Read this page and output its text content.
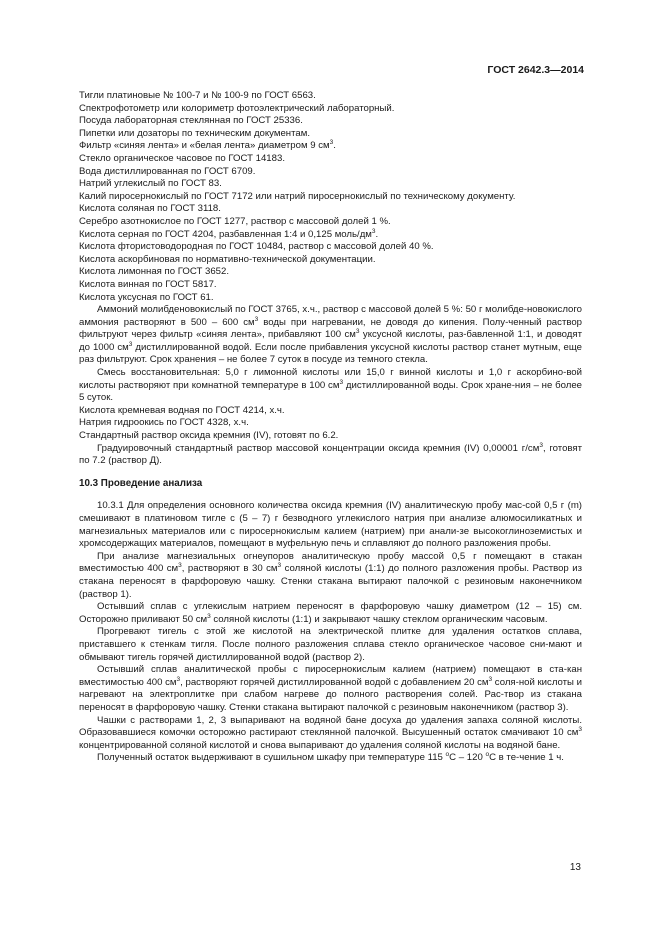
ГОСТ 2642.3—2014

Тигли платиновые № 100-7 и № 100-9 по ГОСТ 6563.

Спектрофотометр или колориметр фотоэлектрический лабораторный.

Посуда лабораторная стеклянная по ГОСТ 25336.

Пипетки или дозаторы по техническим документам.

Фильтр «синяя лента» и «белая лента» диаметром 9 $см^3$.

Стекло органическое часовое по ГОСТ 14183.

Вода дистиллированная по ГОСТ 6709.

Натрий углекислый по ГОСТ 83.

Калий пиросернокислый по ГОСТ 7172 или натрий пиросернокислый по техническому документу.

Кислота соляная по ГОСТ 3118.

Серебро азотнокислое по ГОСТ 1277, раствор с массовой долей 1 %.

Кислота серная по ГОСТ 4204, разбавленная 1:4 и 0,125 моль/$дм^3$.

Кислота фтористоводородная по ГОСТ 10484, раствор с массовой долей 40 %.

Кислота аскорбиновая по нормативно-технической документации.

Кислота лимонная по ГОСТ 3652.

Кислота винная по ГОСТ 5817.

Кислота уксусная по ГОСТ 61.

Аммоний молибденовокислый по ГОСТ 3765, х.ч., раствор с массовой долей 5 %: 50 г молибде-новокислого аммония растворяют в 500 – 600 $см^3$ воды при нагревании, не доводя до кипения. Полу-ченный раствор фильтруют через фильтр «синяя лента», прибавляют 100 $см^3$ уксусной кислоты, раз-бавленной 1:1, и доводят до 1000 $см^3$ дистиллированной водой. Если после прибавления уксусной кислоты раствор станет мутным, еще раз фильтруют. Срок хранения – не более 7 суток в посуде из темного стекла.

Смесь восстановительная: 5,0 г лимонной кислоты или 15,0 г винной кислоты и 1,0 г аскорбино-вой кислоты растворяют при комнатной температуре в 100 $см^3$ дистиллированной воды. Срок хране-ния – не более 5 суток.

Кислота кремневая водная по ГОСТ 4214, х.ч.

Натрия гидроокись по ГОСТ 4328, х.ч.

Стандартный раствор оксида кремния (IV), готовят по 6.2.

Градуировочный стандартный раствор массовой концентрации оксида кремния (IV) 0,00001 $г/см^3$, готовят по 7.2 (раствор Д).

10.3 Проведение анализа

10.3.1 Для определения основного количества оксида кремния (IV) аналитическую пробу мас-сой 0,5 г (m) смешивают в платиновом тигле с (5 – 7) г безводного углекислого натрия при анализе алюмосиликатных и магнезиальных материалов или с пиросернокислым калием (натрием) при анали-зе высокоглиноземистых и хромсодержащих материалов, помещают в муфельную печь и сплавляют до полного разложения пробы.

При анализе магнезиальных огнеупоров аналитическую пробу массой 0,5 г помещают в стакан вместимостью 400 $см^3$, растворяют в 30 $см^3$ соляной кислоты (1:1) до полного разложения пробы. Раствор из стакана переносят в фарфоровую чашку. Стенки стакана вытирают палочкой с резиновым наконечником (раствор 1).

Остывший сплав с углекислым натрием переносят в фарфоровую чашку диаметром (12 – 15) см. Осторожно приливают 50 $см^3$ соляной кислоты (1:1) и закрывают чашку стеклом органическим часовым.

Прогревают тигель с этой же кислотой на электрической плитке для удаления остатков сплава, приставшего к стенкам тигля. После полного разложения сплава стекло органическое часовое сни-мают и обмывают тигель горячей дистиллированной водой (раствор 2).

Остывший сплав аналитической пробы с пиросернокислым калием (натрием) помещают в ста-кан вместимостью 400 $см^3$, растворяют горячей дистиллированной водой с добавлением 20 $см^3$ соля-ной кислоты и нагревают на электроплитке при слабом нагреве до полного растворения солей. Рас-твор из стакана переносят в фарфоровую чашку. Стенки стакана вытирают палочкой с резиновым наконечником (раствор 3).

Чашки с растворами 1, 2, 3 выпаривают на водяной бане досуха до удаления запаха соляной кислоты. Образовавшиеся комочки осторожно растирают стеклянной палочкой. Высушенный остаток смачивают 10 $см^3$ концентрированной соляной кислотой и снова выпаривают до удаления соляной кислоты на водяной бане.

Полученный остаток выдерживают в сушильном шкафу при температуре 115 $^о$С – 120 $^о$С в те-чение 1 ч.

13
